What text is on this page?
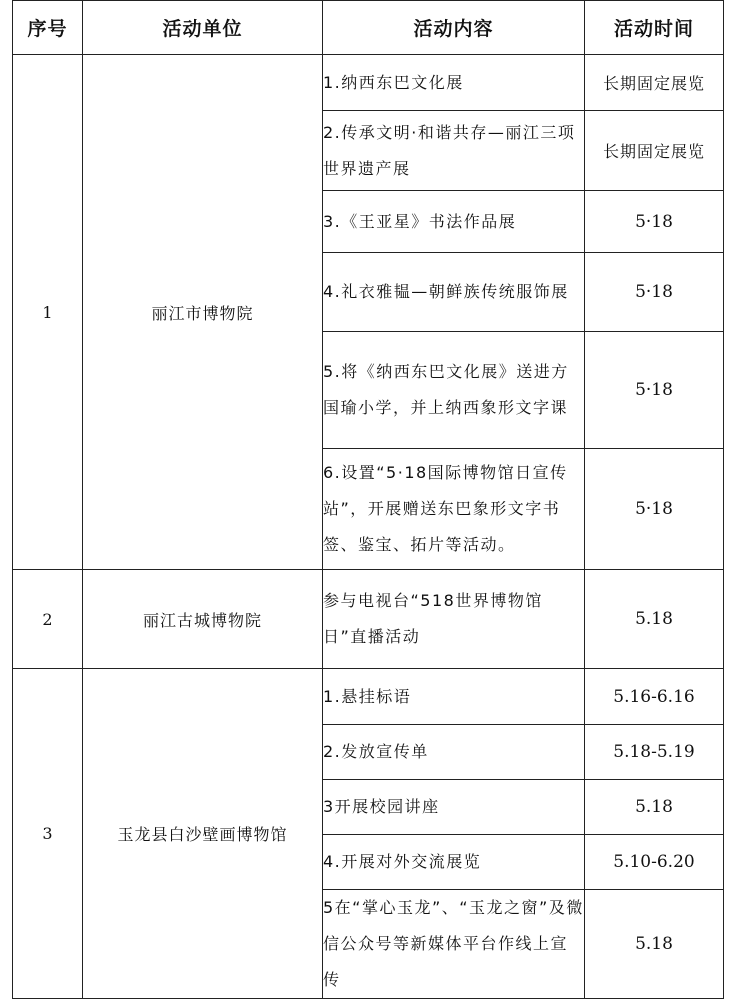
序号	活动单位	活动内容	活动时间
1	丽江市博物院	1.纳西东巴文化展	长期固定展览
		2.传承文明·和谐共存—丽江三项世界遗产展	长期固定展览
		3.《王亚星》书法作品展	5·18
		4.礼衣雅韫—朝鲜族传统服饰展	5·18
		5.将《纳西东巴文化展》送进方国瑜小学，并上纳西象形文字课	5·18
		6.设置“5·18国际博物馆日宣传站”，开展赠送东巴象形文字书签、鉴宝、拓片等活动。	5·18
2	丽江古城博物院	参与电视台“518世界博物馆日”直播活动	5.18
3	玉龙县白沙壁画博物馆	1.悬挂标语	5.16-6.16
		2.发放宣传单	5.18-5.19
		3开展校园讲座	5.18
		4.开展对外交流展览	5.10-6.20
		5在“掌心玉龙”、“玉龙之窗”及微信公众号等新媒体平台作线上宣传	5.18
